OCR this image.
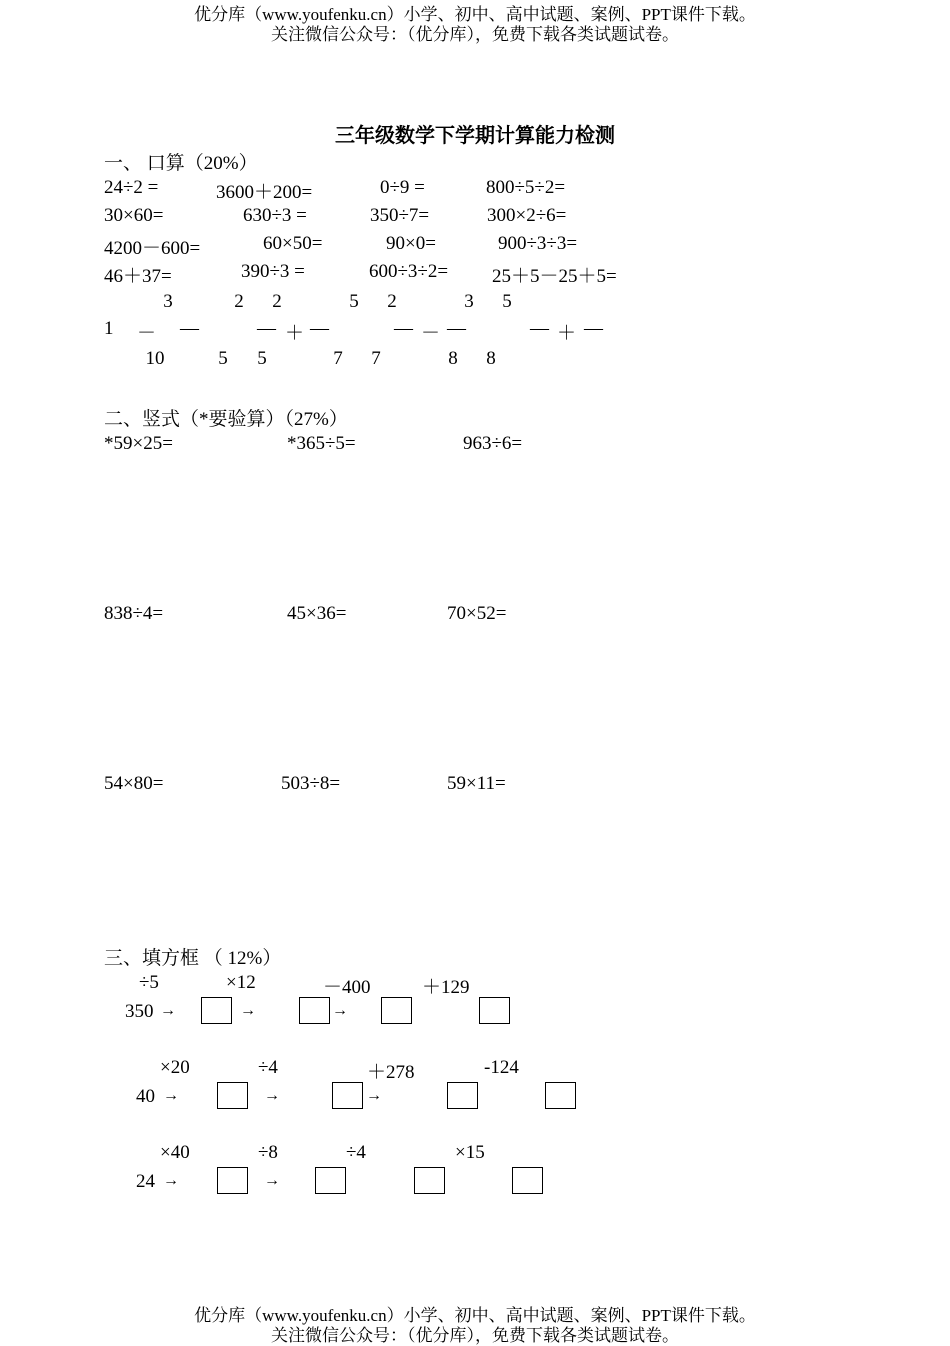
优分库（www.youfenku.cn）小学、初中、高中试题、案例、PPT课件下载。
关注微信公众号：（优分库），免费下载各类试题试卷。
三年级数学下学期计算能力检测
一、 口算（20%）
24÷2 =	3600＋200=	0÷9 =	800÷5÷2=
30×60=	630÷3 =	350÷7=	300×2÷6=
4200－600=	60×50=	90×0=	900÷3÷3=
46＋37=	390÷3 =	600÷3÷2= 25＋5－25＋5=
3	2 2	5 2	3 5
1 － —	— ＋ —	— － —	— ＋ —
10	5 5	7 7	8 8
二、竖式（*要验算）（27%）
*59×25=	*365÷5=	963÷6=
838÷4=	45×36=	70×52=
54×80=	503÷8=	59×11=
三、填方框 （ 12%）
÷5	×12	－400	＋129
350 →	→	→
×20	÷4	＋278	-124
40 →	→	→
×40	÷8	÷4	×15
24 →	→
优分库（www.youfenku.cn）小学、初中、高中试题、案例、PPT课件下载。
关注微信公众号：（优分库），免费下载各类试题试卷。
